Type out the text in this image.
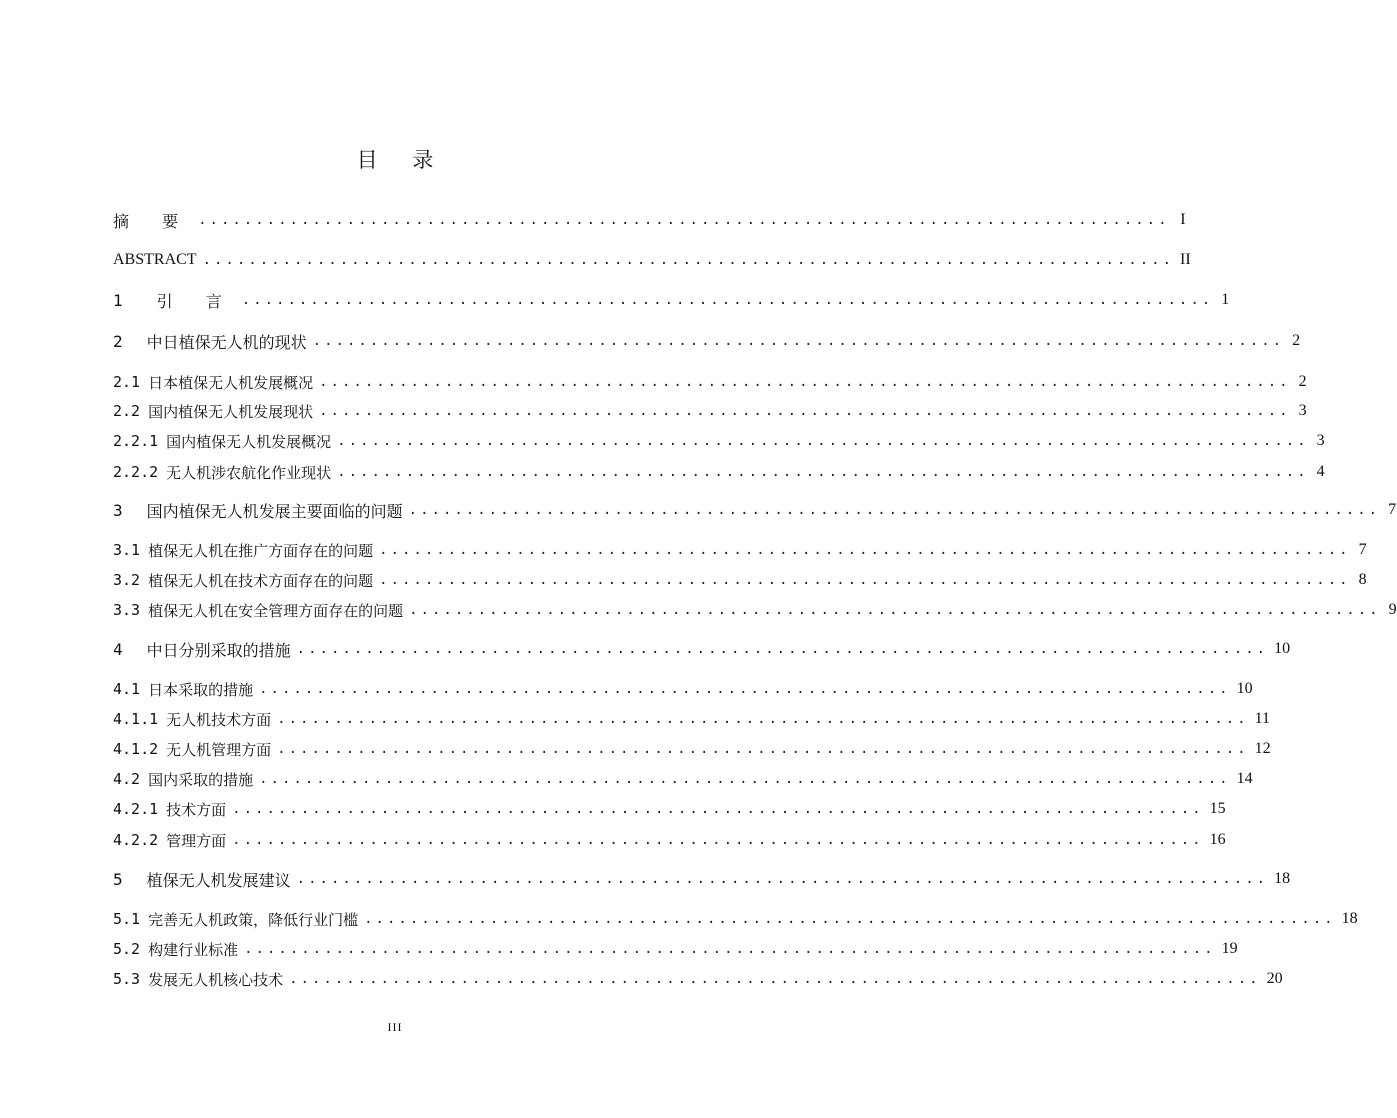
目 录
摘 要 ..................................................................................... I
ABSTRACT ..................................................................................... II
1 引 言 ..................................................................................... 1
2 中日植保无人机的现状 ..................................................................................... 2
2.1 日本植保无人机发展概况 ..................................................................................... 2
2.2 国内植保无人机发展现状 ..................................................................................... 3
2.2.1 国内植保无人机发展概况 ..................................................................................... 3
2.2.2 无人机涉农航化作业现状 ..................................................................................... 4
3 国内植保无人机发展主要面临的问题 ..................................................................................... 7
3.1 植保无人机在推广方面存在的问题 ..................................................................................... 7
3.2 植保无人机在技术方面存在的问题 ..................................................................................... 8
3.3 植保无人机在安全管理方面存在的问题 ..................................................................................... 9
4 中日分别采取的措施 ..................................................................................... 10
4.1 日本采取的措施 ..................................................................................... 10
4.1.1 无人机技术方面 ..................................................................................... 11
4.1.2 无人机管理方面 ..................................................................................... 12
4.2 国内采取的措施 ..................................................................................... 14
4.2.1 技术方面 ..................................................................................... 15
4.2.2 管理方面 ..................................................................................... 16
5 植保无人机发展建议 ..................................................................................... 18
5.1 完善无人机政策，降低行业门槛 ..................................................................................... 18
5.2 构建行业标准 ..................................................................................... 19
5.3 发展无人机核心技术 ..................................................................................... 20
III
